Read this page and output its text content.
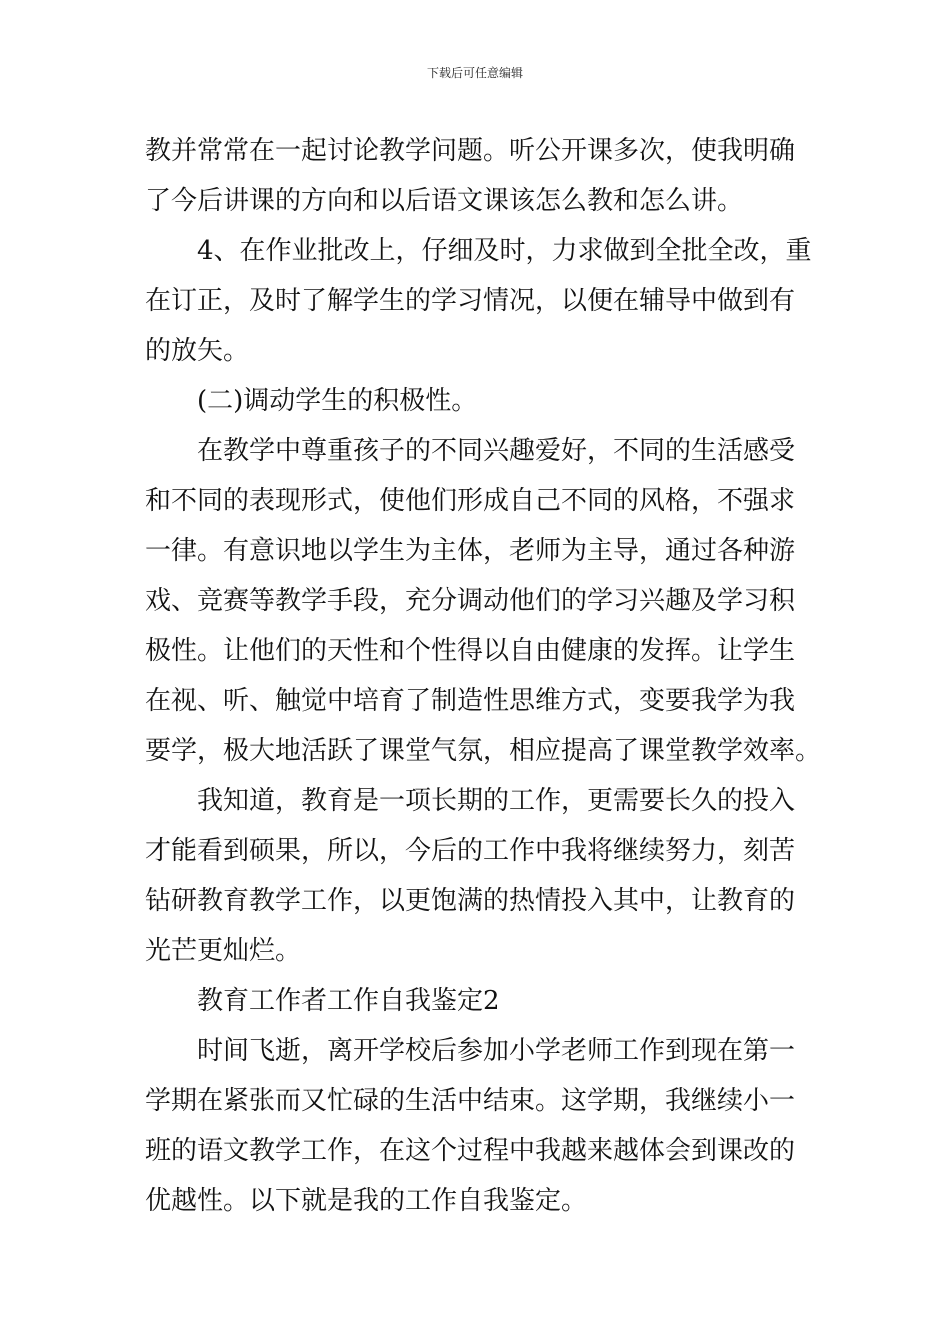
下载后可任意编辑
教并常常在一起讨论教学问题。听公开课多次，使我明确
了今后讲课的方向和以后语文课该怎么教和怎么讲。
4、在作业批改上，仔细及时，力求做到全批全改，重
在订正，及时了解学生的学习情况，以便在辅导中做到有
的放矢。
(二)调动学生的积极性。
在教学中尊重孩子的不同兴趣爱好，不同的生活感受
和不同的表现形式，使他们形成自己不同的风格，不强求
一律。有意识地以学生为主体，老师为主导，通过各种游
戏、竞赛等教学手段，充分调动他们的学习兴趣及学习积
极性。让他们的天性和个性得以自由健康的发挥。让学生
在视、听、触觉中培育了制造性思维方式，变要我学为我
要学，极大地活跃了课堂气氛，相应提高了课堂教学效率。
我知道，教育是一项长期的工作，更需要长久的投入
才能看到硕果，所以，今后的工作中我将继续努力，刻苦
钻研教育教学工作，以更饱满的热情投入其中，让教育的
光芒更灿烂。
教育工作者工作自我鉴定2
时间飞逝，离开学校后参加小学老师工作到现在第一
学期在紧张而又忙碌的生活中结束。这学期，我继续小一
班的语文教学工作，在这个过程中我越来越体会到课改的
优越性。以下就是我的工作自我鉴定。
